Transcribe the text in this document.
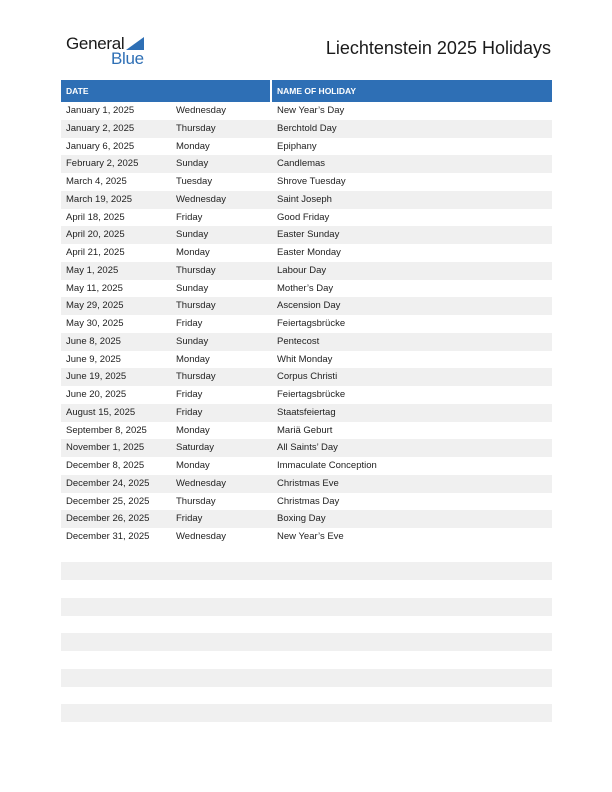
General
Blue
Liechtenstein 2025 Holidays
DATE	NAME OF HOLIDAY
January 1, 2025	Wednesday	New Year’s Day
January 2, 2025	Thursday	Berchtold Day
January 6, 2025	Monday	Epiphany
February 2, 2025	Sunday	Candlemas
March 4, 2025	Tuesday	Shrove Tuesday
March 19, 2025	Wednesday	Saint Joseph
April 18, 2025	Friday	Good Friday
April 20, 2025	Sunday	Easter Sunday
April 21, 2025	Monday	Easter Monday
May 1, 2025	Thursday	Labour Day
May 11, 2025	Sunday	Mother’s Day
May 29, 2025	Thursday	Ascension Day
May 30, 2025	Friday	Feiertagsbrücke
June 8, 2025	Sunday	Pentecost
June 9, 2025	Monday	Whit Monday
June 19, 2025	Thursday	Corpus Christi
June 20, 2025	Friday	Feiertagsbrücke
August 15, 2025	Friday	Staatsfeiertag
September 8, 2025	Monday	Mariä Geburt
November 1, 2025	Saturday	All Saints’ Day
December 8, 2025	Monday	Immaculate Conception
December 24, 2025	Wednesday	Christmas Eve
December 25, 2025	Thursday	Christmas Day
December 26, 2025	Friday	Boxing Day
December 31, 2025	Wednesday	New Year’s Eve
